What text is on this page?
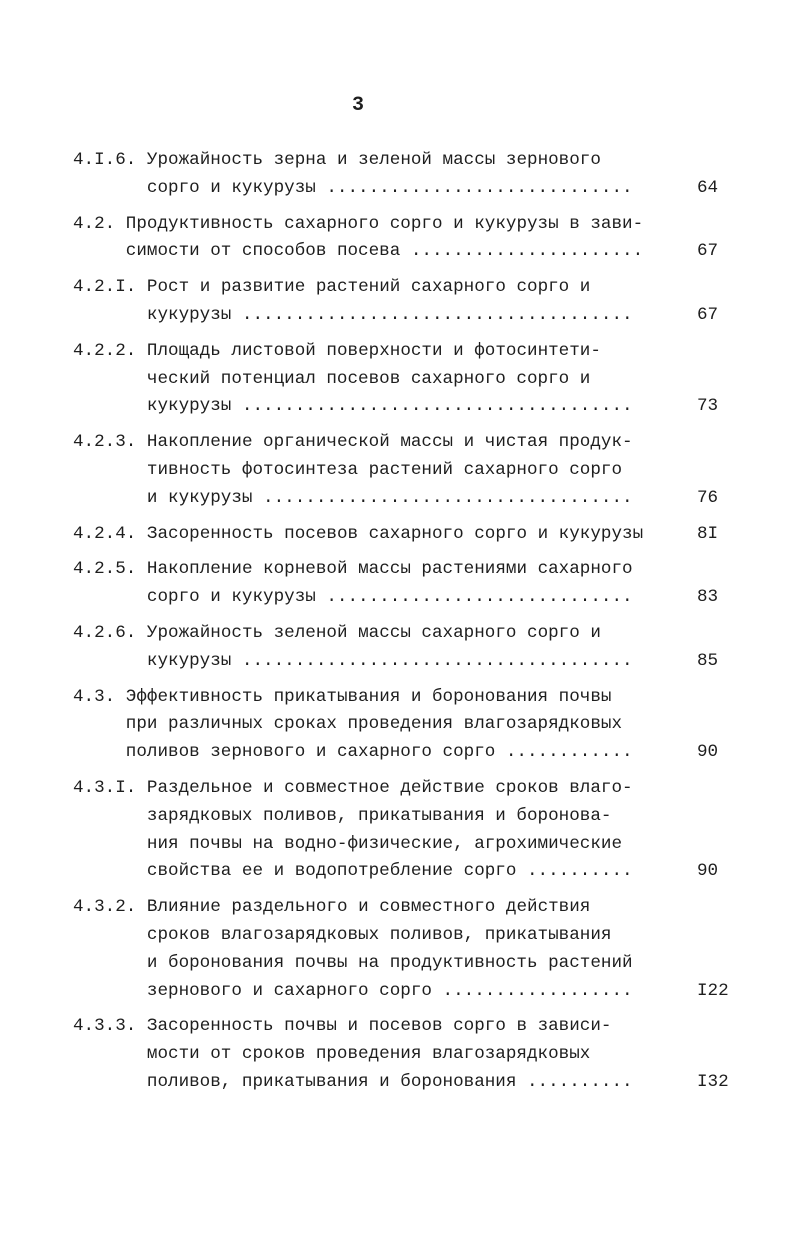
3
4.I.6. Урожайность зерна и зеленой массы зернового
сорго и кукурузы .............................	64
4.2. Продуктивность сахарного сорго и кукурузы в зави-
симости от способов посева ......................	67
4.2.I. Рост и развитие растений сахарного сорго и
кукурузы .....................................	67
4.2.2. Площадь листовой поверхности и фотосинтети-
ческий потенциал посевов сахарного сорго и
кукурузы .....................................	73
4.2.3. Накопление органической массы и чистая продук-
тивность фотосинтеза растений сахарного сорго
и кукурузы ...................................	76
4.2.4. Засоренность посевов сахарного сорго и кукурузы	8I
4.2.5. Накопление корневой массы растениями сахарного
сорго и кукурузы .............................	83
4.2.6. Урожайность зеленой массы сахарного сорго и
кукурузы .....................................	85
4.3. Эффективность прикатывания и боронования почвы
при различных сроках проведения влагозарядковых
поливов зернового и сахарного сорго ............	90
4.3.I. Раздельное и совместное действие сроков влаго-
зарядковых поливов, прикатывания и боронова-
ния почвы на водно-физические, агрохимические
свойства ее и водопотребление сорго ..........	90
4.3.2. Влияние раздельного и совместного действия
сроков влагозарядковых поливов, прикатывания
и боронования почвы на продуктивность растений
зернового и сахарного сорго ..................	I22
4.3.3. Засоренность почвы и посевов сорго в зависи-
мости от сроков проведения влагозарядковых
поливов, прикатывания и боронования ..........	I32
